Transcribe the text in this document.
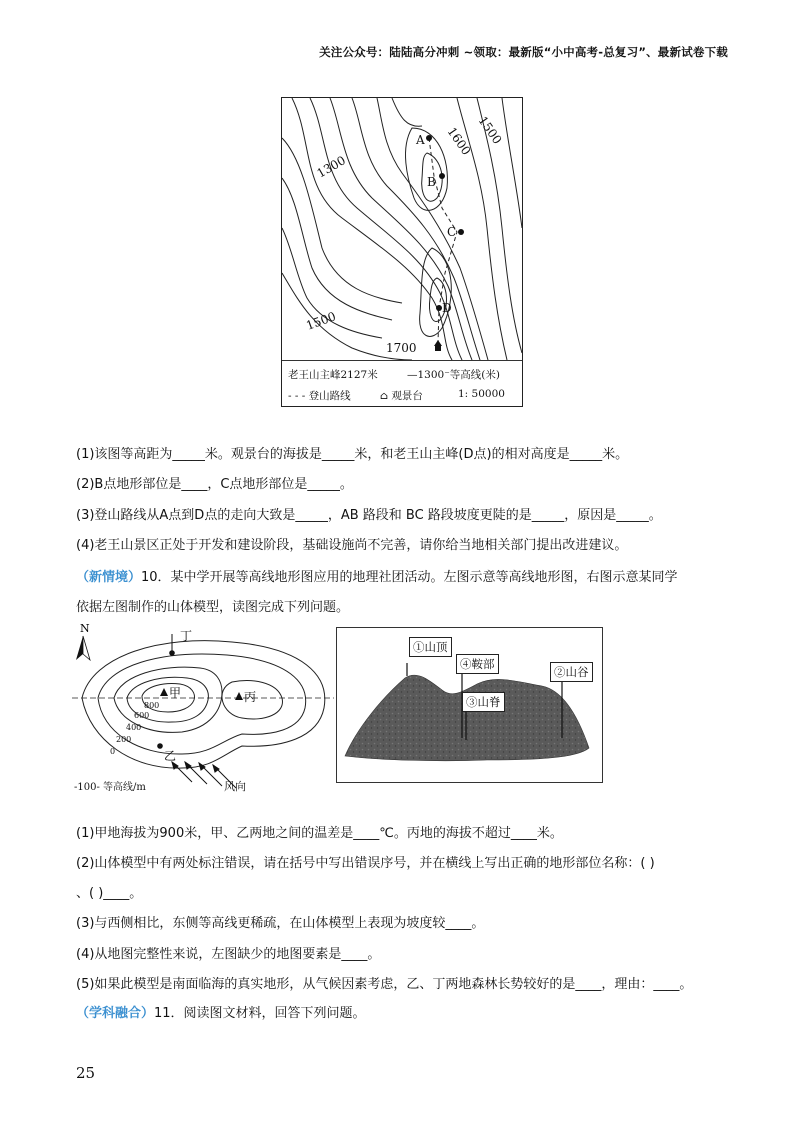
关注公众号：陆陆高分冲刺 ~领取：最新版“小中高考-总复习”、最新试卷下载
1600 1500
1300
1500
1700
A
B
C
D
老王山主峰2127米	—1300⁻等高线(米)
- - - 登山路线	⌂ 观景台	1: 50000
(1)该图等高距为_____米。观景台的海拔是_____米，和老王山主峰(D点)的相对高度是_____米。
(2)B点地形部位是____，C点地形部位是_____。
(3)登山路线从A点到D点的走向大致是_____，AB 路段和 BC 路段坡度更陡的是_____，原因是_____。
(4)老王山景区正处于开发和建设阶段，基础设施尚不完善，请你给当地相关部门提出改进建议。
（新情境）10．某中学开展等高线地形图应用的地理社团活动。左图示意等高线地形图，右图示意某同学
依据左图制作的山体模型，读图完成下列问题。
N
丁
甲	丙
乙
800
600
400
200
0
-100- 等高线/m	风向
①山顶
④鞍部
②山谷
③山脊
(1)甲地海拔为900米，甲、乙两地之间的温差是____℃。丙地的海拔不超过____米。
(2)山体模型中有两处标注错误，请在括号中写出错误序号，并在横线上写出正确的地形部位名称：( )
、( )____。
(3)与西侧相比，东侧等高线更稀疏，在山体模型上表现为坡度较____。
(4)从地图完整性来说，左图缺少的地图要素是____。
(5)如果此模型是南面临海的真实地形，从气候因素考虑，乙、丁两地森林长势较好的是____，理由：____。
（学科融合）11．阅读图文材料，回答下列问题。
25
